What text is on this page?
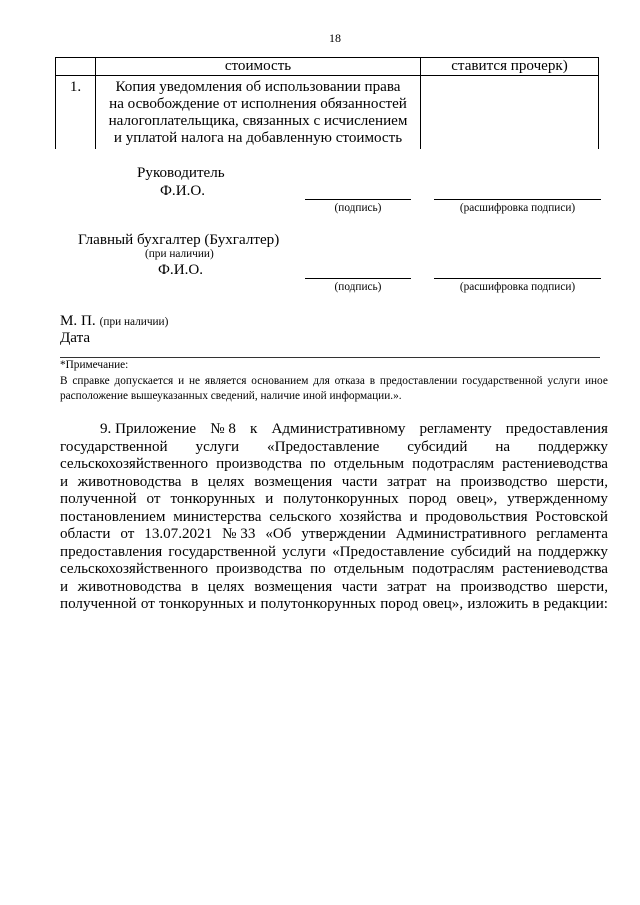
18
	стоимость	ставится прочерк)
1.	Копия уведомления об использовании права
на освобождение от исполнения обязанностей
налогоплательщика, связанных с исчислением
и уплатой налога на добавленную стоимость	

Руководитель
Ф.И.О.
(подпись)	(расшифровка подписи)
Главный бухгалтер (Бухгалтер)
(при наличии)
Ф.И.О.
(подпись)	(расшифровка подписи)
М. П. (при наличии)
Дата
*Примечание:
В справке допускается и не является основанием для отказа в предоставлении государственной услуги иное
расположение вышеуказанных сведений, наличие иной информации.».
9. Приложение № 8 к Административному регламенту предоставления
государственной услуги «Предоставление субсидий на поддержку
сельскохозяйственного производства по отдельным подотраслям растениеводства
и животноводства в целях возмещения части затрат на производство шерсти,
полученной от тонкорунных и полутонкорунных пород овец», утвержденному
постановлением министерства сельского хозяйства и продовольствия Ростовской
области от 13.07.2021 № 33 «Об утверждении Административного регламента
предоставления государственной услуги «Предоставление субсидий на поддержку
сельскохозяйственного производства по отдельным подотраслям растениеводства
и животноводства в целях возмещения части затрат на производство шерсти,
полученной от тонкорунных и полутонкорунных пород овец», изложить в редакции:
